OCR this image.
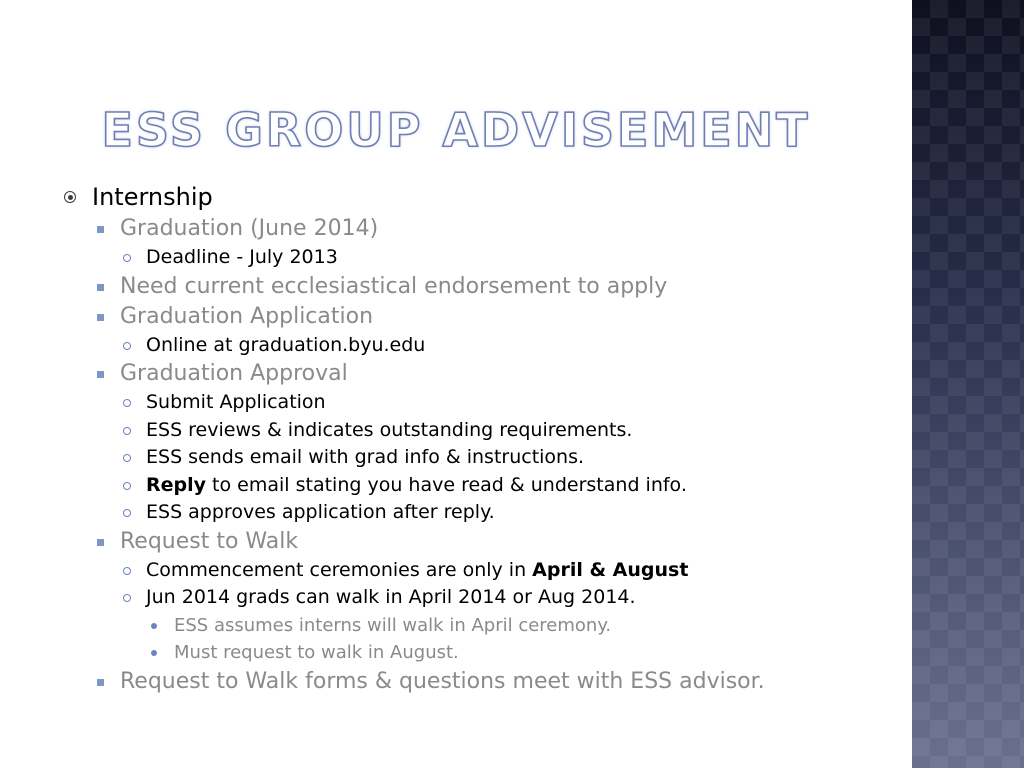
ESS GROUP ADVISEMENT
Internship
Graduation (June 2014)
Deadline - July 2013
Need current ecclesiastical endorsement to apply
Graduation Application
Online at graduation.byu.edu
Graduation Approval
Submit Application
ESS reviews & indicates outstanding requirements.
ESS sends email with grad info & instructions.
Reply to email stating you have read & understand info.
ESS approves application after reply.
Request to Walk
Commencement ceremonies are only in April & August
Jun 2014 grads can walk in April 2014 or Aug 2014.
ESS assumes interns will walk in April ceremony.
Must request to walk in August.
Request to Walk forms & questions meet with ESS advisor.
